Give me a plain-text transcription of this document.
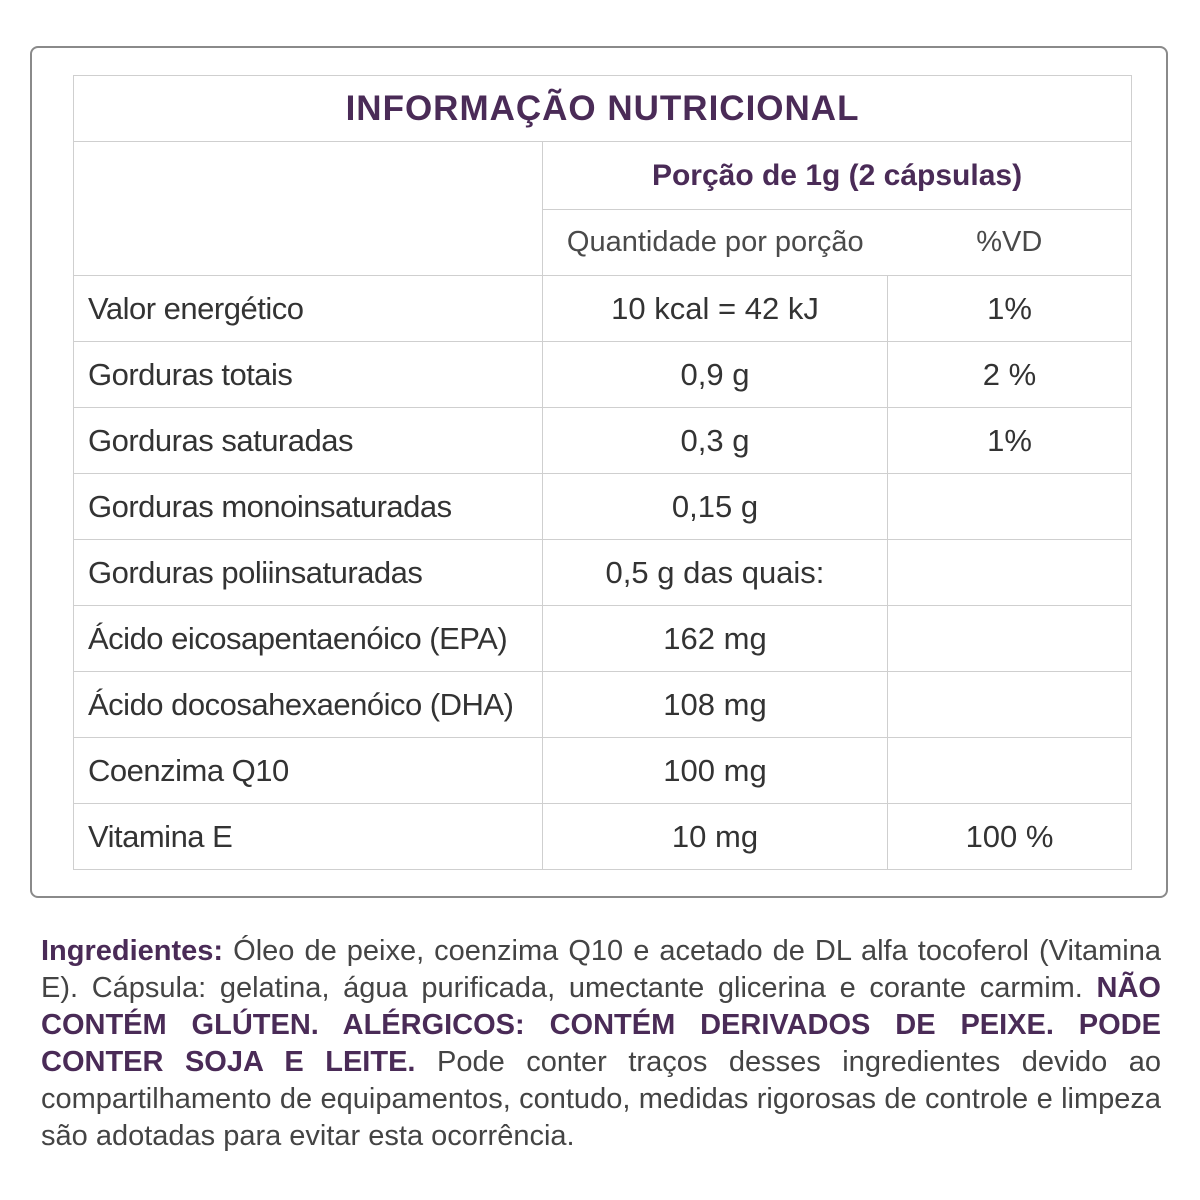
INFORMAÇÃO NUTRICIONAL		
	Porção de 1g (2 cápsulas)	
	Quantidade por porção	%VD
Valor energético	10 kcal = 42 kJ	1%
Gorduras totais	0,9 g	2 %
Gorduras saturadas	0,3 g	1%
Gorduras monoinsaturadas	0,15 g	
Gorduras poliinsaturadas	0,5 g das quais:	
Ácido eicosapentaenóico (EPA)	162 mg	
Ácido docosahexaenóico (DHA)	108 mg	
Coenzima Q10	100 mg	
Vitamina E	10 mg	100 %
Ingredientes: Óleo de peixe, coenzima Q10 e acetado de DL alfa tocoferol (Vitamina E). Cápsula: gelatina, água purificada, umectante glicerina e corante carmim. NÃO CONTÉM GLÚTEN. ALÉRGICOS: CONTÉM DERIVADOS DE PEIXE. PODE CONTER SOJA E LEITE. Pode conter traços desses ingredientes devido ao compartilhamento de equipamentos, contudo, medidas rigorosas de controle e limpeza são adotadas para evitar esta ocorrência.
